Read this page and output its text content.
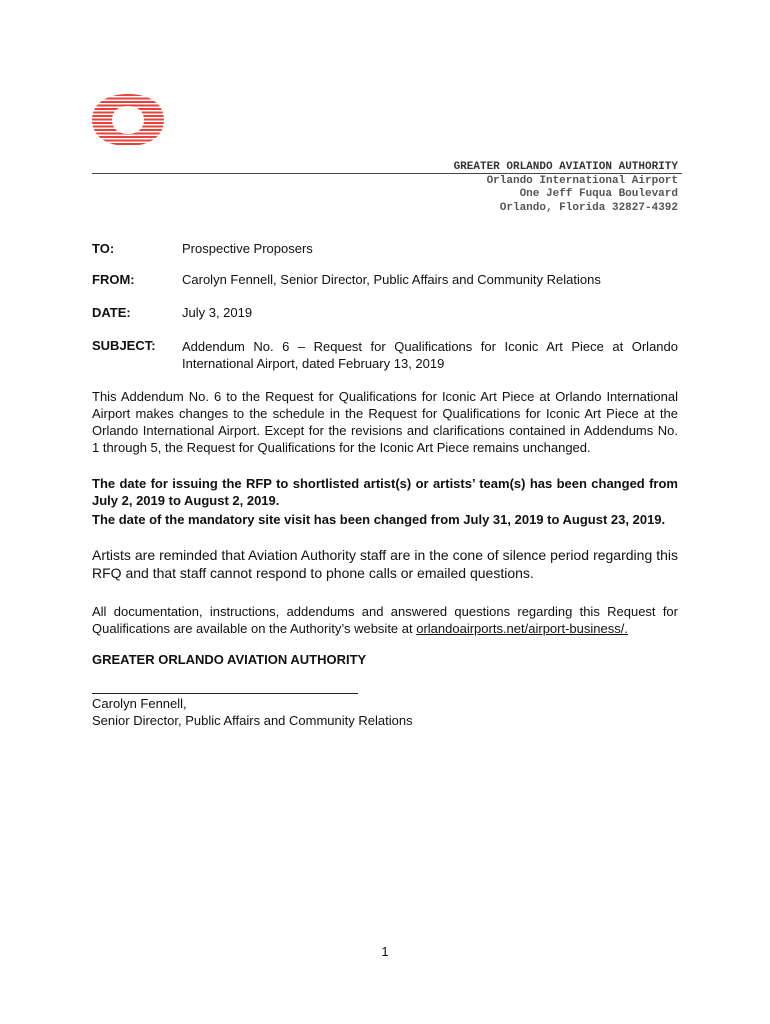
GREATER ORLANDO AVIATION AUTHORITY
Orlando International Airport
One Jeff Fuqua Boulevard
Orlando, Florida 32827-4392
TO:	Prospective Proposers
FROM:	Carolyn Fennell, Senior Director, Public Affairs and Community Relations
DATE:	July 3, 2019
SUBJECT: Addendum No. 6 – Request for Qualifications for Iconic Art Piece at Orlando International Airport, dated February 13, 2019
This Addendum No. 6 to the Request for Qualifications for Iconic Art Piece at Orlando International Airport makes changes to the schedule in the Request for Qualifications for Iconic Art Piece at the Orlando International Airport. Except for the revisions and clarifications contained in Addendums No. 1 through 5, the Request for Qualifications for the Iconic Art Piece remains unchanged.
The date for issuing the RFP to shortlisted artist(s) or artists’ team(s) has been changed from July 2, 2019 to August 2, 2019.
The date of the mandatory site visit has been changed from July 31, 2019 to August 23, 2019.
Artists are reminded that Aviation Authority staff are in the cone of silence period regarding this RFQ and that staff cannot respond to phone calls or emailed questions.
All documentation, instructions, addendums and answered questions regarding this Request for Qualifications are available on the Authority’s website at orlandoairports.net/airport-business/.
GREATER ORLANDO AVIATION AUTHORITY
Carolyn Fennell,
Senior Director, Public Affairs and Community Relations
1
